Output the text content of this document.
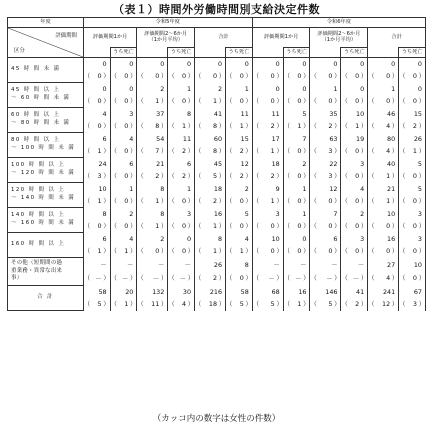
（表１）時間外労働時間別支給決定件数
年度	令和5年度						令和6年度					

評価期間
区分	評価期間1か月		評価期間2～6か月
（1か月平均）		合計		評価期間1か月		評価期間2～6か月
（1か月平均）		合計	
		うち死亡		うち死亡		うち死亡		うち死亡		うち死亡		うち死亡
45 時 間 未 満	0	0	0	0	0	0	0	0	0	0	0	0

	（ 0 ）	（ 0 ）	（ 0 ）	（ 0 ）	（ 0 ）	（ 0 ）	（ 0 ）	（ 0 ）	（ 0 ）	（ 0 ）	（ 0 ）	（ 0 ）

45 時 間 以 上
～ 60 時 間 未 満	0	0	2	1	2	1	0	0	1	0	1	0

	（ 0 ）	（ 0 ）	（ 1 ）	（ 0 ）	（ 1 ）	（ 0 ）	（ 0 ）	（ 0 ）	（ 0 ）	（ 0 ）	（ 0 ）	（ 0 ）

60 時 間 以 上
～ 80 時 間 未 満	4	3	37	8	41	11	11	5	35	10	46	15

	（ 0 ）	（ 0 ）	（ 8 ）	（ 1 ）	（ 8 ）	（ 1 ）	（ 2 ）	（ 1 ）	（ 2 ）	（ 1 ）	（ 4 ）	（ 2 ）

80 時 間 以 上
～ 100 時 間 未 満	6	4	54	11	60	15	17	7	63	19	80	26

	（ 1 ）	（ 0 ）	（ 7 ）	（ 2 ）	（ 8 ）	（ 2 ）	（ 1 ）	（ 0 ）	（ 3 ）	（ 0 ）	（ 4 ）	（ 1 ）

100 時 間 以 上
～ 120 時 間 未 満	24	6	21	6	45	12	18	2	22	3	40	5

	（ 3 ）	（ 0 ）	（ 2 ）	（ 2 ）	（ 5 ）	（ 2 ）	（ 2 ）	（ 0 ）	（ 3 ）	（ 0 ）	（ 1 ）	（ 0 ）

120 時 間 以 上
～ 140 時 間 未 満	10	1	8	1	18	2	9	1	12	4	21	5

	（ 1 ）	（ 0 ）	（ 1 ）	（ 0 ）	（ 2 ）	（ 0 ）	（ 1 ）	（ 0 ）	（ 0 ）	（ 0 ）	（ 1 ）	（ 0 ）

140 時 間 以 上
～ 160 時 間 未 満	8	2	8	3	16	5	3	1	7	2	10	3

	（ 0 ）	（ 0 ）	（ 1 ）	（ 0 ）	（ 1 ）	（ 0 ）	（ 0 ）	（ 0 ）	（ 0 ）	（ 0 ）	（ 0 ）	（ 0 ）

160 時 間 以 上	6	4	2	0	8	4	10	0	6	3	16	3

	（ 1 ）	（ 1 ）	（ 0 ）	（ 0 ）	（ 1 ）	（ 1 ）	（ 0 ）	（ 0 ）	（ 0 ）	（ 0 ）	（ 0 ）	（ 0 ）

その他（短期間の過
重業務・異常な出来
事）	－	－	－	－	26	8	－	－	－	－	27	10

	（ － ）	（ － ）	（ － ）	（ － ）	（ 2 ）	（ 0 ）	（ － ）	（ － ）	（ － ）	（ － ）	（ 4 ）	（ 0 ）

合 計	58	20	132	30	216	58	68	16	146	41	241	67

	（ 5 ）	（ 1 ）	（ 11 ）	（ 4 ）	（ 18 ）	（ 5 ）	（ 5 ）	（ 1 ）	（ 5 ）	（ 2 ）	（ 12 ）	（ 3 ）
（カッコ内の数字は女性の件数）
